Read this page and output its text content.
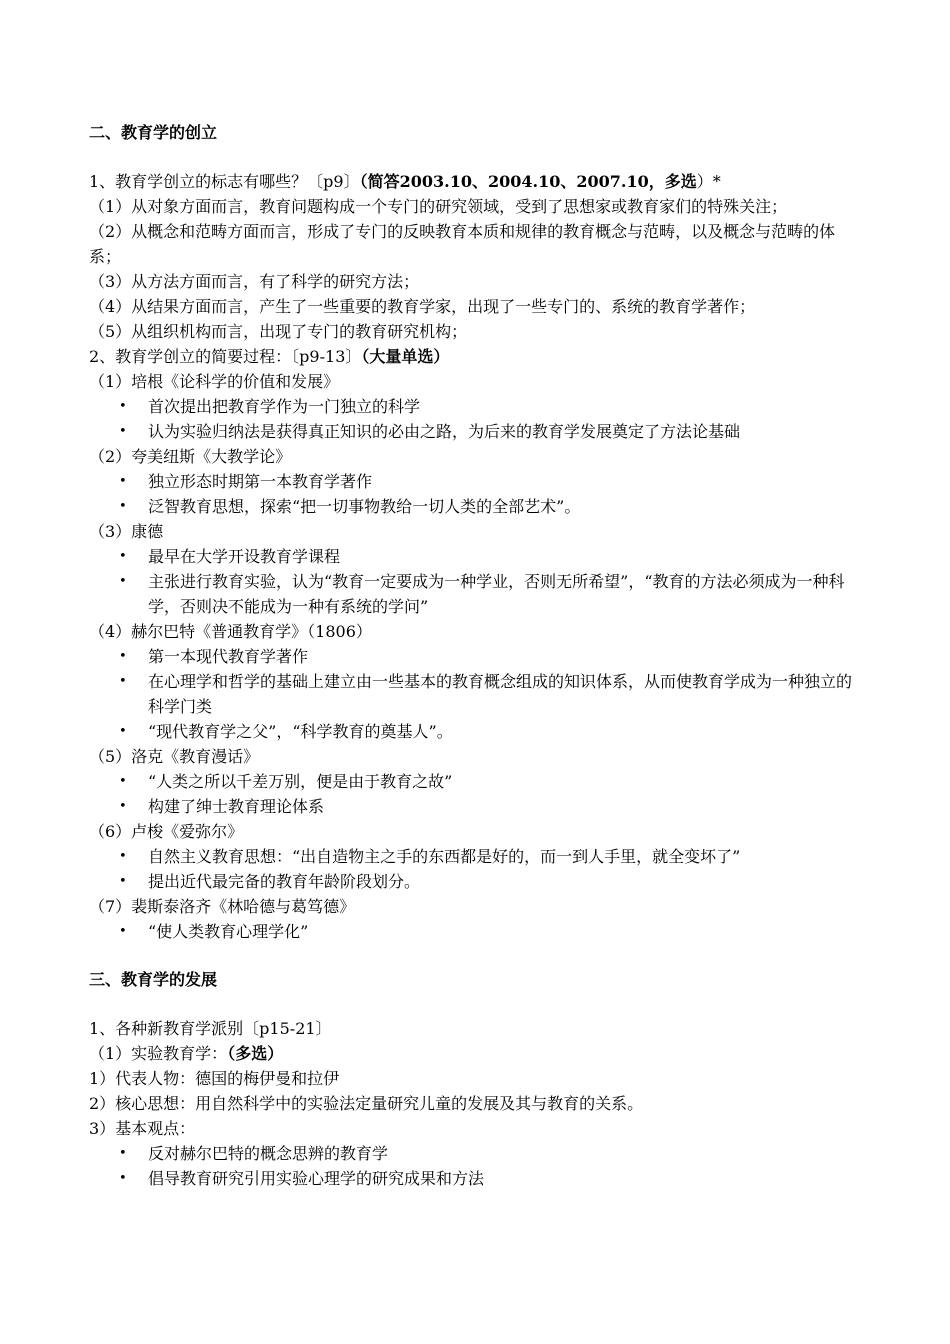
二、教育学的创立
1、教育学创立的标志有哪些？〔p9〕（简答2003.10、2004.10、2007.10，多选）*
（1）从对象方面而言，教育问题构成一个专门的研究领域，受到了思想家或教育家们的特殊关注；
（2）从概念和范畴方面而言，形成了专门的反映教育本质和规律的教育概念与范畴，以及概念与范畴的体系；
（3）从方法方面而言，有了科学的研究方法；
（4）从结果方面而言，产生了一些重要的教育学家，出现了一些专门的、系统的教育学著作；
（5）从组织机构而言，出现了专门的教育研究机构；
2、教育学创立的简要过程：〔p9-13〕（大量单选）
（1）培根《论科学的价值和发展》
• 首次提出把教育学作为一门独立的科学
• 认为实验归纳法是获得真正知识的必由之路，为后来的教育学发展奠定了方法论基础
（2）夸美纽斯《大教学论》
• 独立形态时期第一本教育学著作
• 泛智教育思想，探索“把一切事物教给一切人类的全部艺术”。
（3）康德
• 最早在大学开设教育学课程
• 主张进行教育实验，认为“教育一定要成为一种学业，否则无所希望”，“教育的方法必须成为一种科学，否则决不能成为一种有系统的学问”
（4）赫尔巴特《普通教育学》（1806）
• 第一本现代教育学著作
• 在心理学和哲学的基础上建立由一些基本的教育概念组成的知识体系，从而使教育学成为一种独立的科学门类
• “现代教育学之父”，“科学教育的奠基人”。
（5）洛克《教育漫话》
• “人类之所以千差万别，便是由于教育之故”
• 构建了绅士教育理论体系
（6）卢梭《爱弥尔》
• 自然主义教育思想：“出自造物主之手的东西都是好的，而一到人手里，就全变坏了”
• 提出近代最完备的教育年龄阶段划分。
（7）裴斯泰洛齐《林哈德与葛笃德》
• “使人类教育心理学化”
三、教育学的发展
1、各种新教育学派别〔p15-21〕
（1）实验教育学：（多选）
1）代表人物：德国的梅伊曼和拉伊
2）核心思想：用自然科学中的实验法定量研究儿童的发展及其与教育的关系。
3）基本观点：
• 反对赫尔巴特的概念思辨的教育学
• 倡导教育研究引用实验心理学的研究成果和方法
